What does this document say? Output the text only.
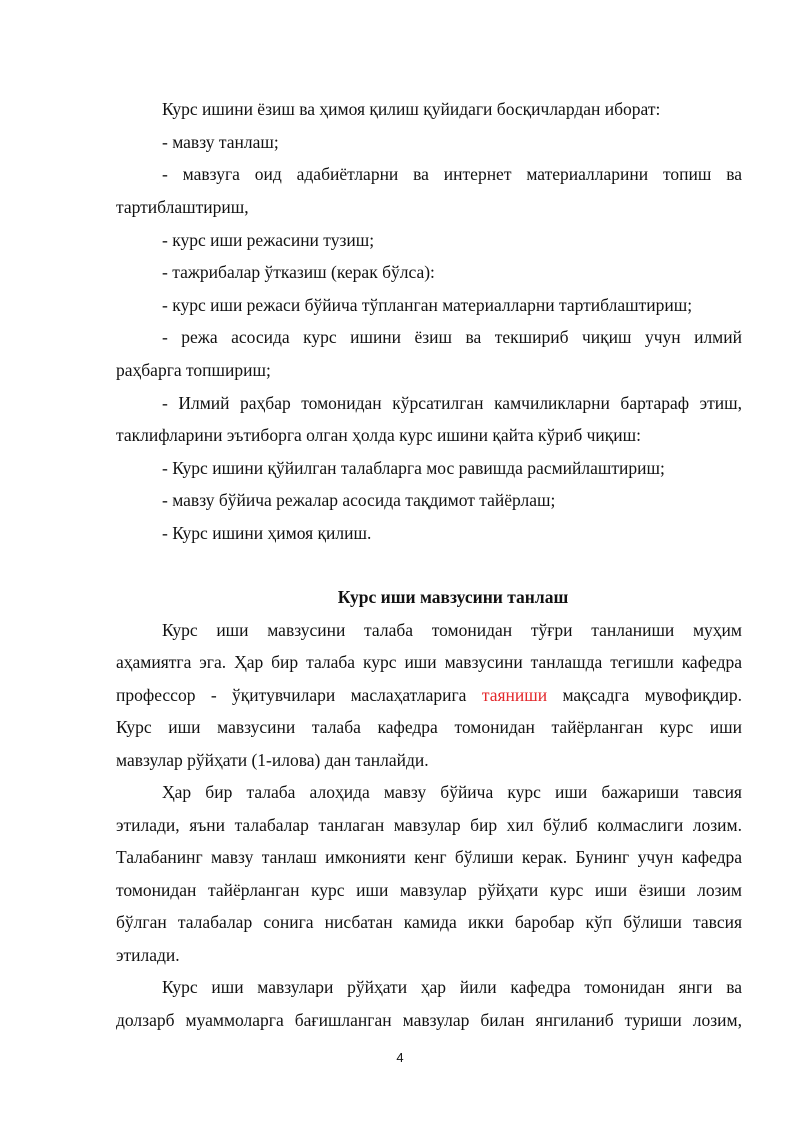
Курс ишини ёзиш ва ҳимоя қилиш қуйидаги босқичлардан иборат:
- мавзу танлаш;
- мавзуга оид адабиётларни ва интернет материалларини топиш ва
тартиблаштириш,
- курс иши режасини тузиш;
- тажрибалар ўтказиш (керак бўлса):
- курс иши режаси бўйича тўпланган материалларни тартиблаштириш;
- режа асосида курс ишини ёзиш ва текшириб чиқиш учун илмий
раҳбарга топшириш;
- Илмий раҳбар томонидан кўрсатилган камчиликларни бартараф этиш,
таклифларини эътиборга олган ҳолда курс ишини қайта кўриб чиқиш:
- Курс ишини қўйилган талабларга мос равишда расмийлаштириш;
- мавзу бўйича режалар асосида тақдимот тайёрлаш;
- Курс ишини ҳимоя қилиш.
Курс иши мавзусини танлаш
Курс иши мавзусини талаба томонидан тўғри танланиши муҳим
аҳамиятга эга. Ҳар бир талаба курс иши мавзусини танлашда тегишли кафедра
профессор - ўқитувчилари маслаҳатларига таяниши мақсадга мувофиқдир.
Курс иши мавзусини талаба кафедра томонидан тайёрланган курс иши
мавзулар рўйҳати (1-илова) дан танлайди.
Ҳар бир талаба алоҳида мавзу бўйича курс иши бажариши тавсия
этилади, яъни талабалар танлаган мавзулар бир хил бўлиб колмаслиги лозим.
Талабанинг мавзу танлаш имконияти кенг бўлиши керак. Бунинг учун кафедра
томонидан тайёрланган курс иши мавзулар рўйҳати курс иши ёзиши лозим
бўлган талабалар сонига нисбатан камида икки баробар кўп бўлиши тавсия
этилади.
Курс иши мавзулари рўйҳати ҳар йили кафедра томонидан янги ва
долзарб муаммоларга бағишланган мавзулар билан янгиланиб туриши лозим,
4
